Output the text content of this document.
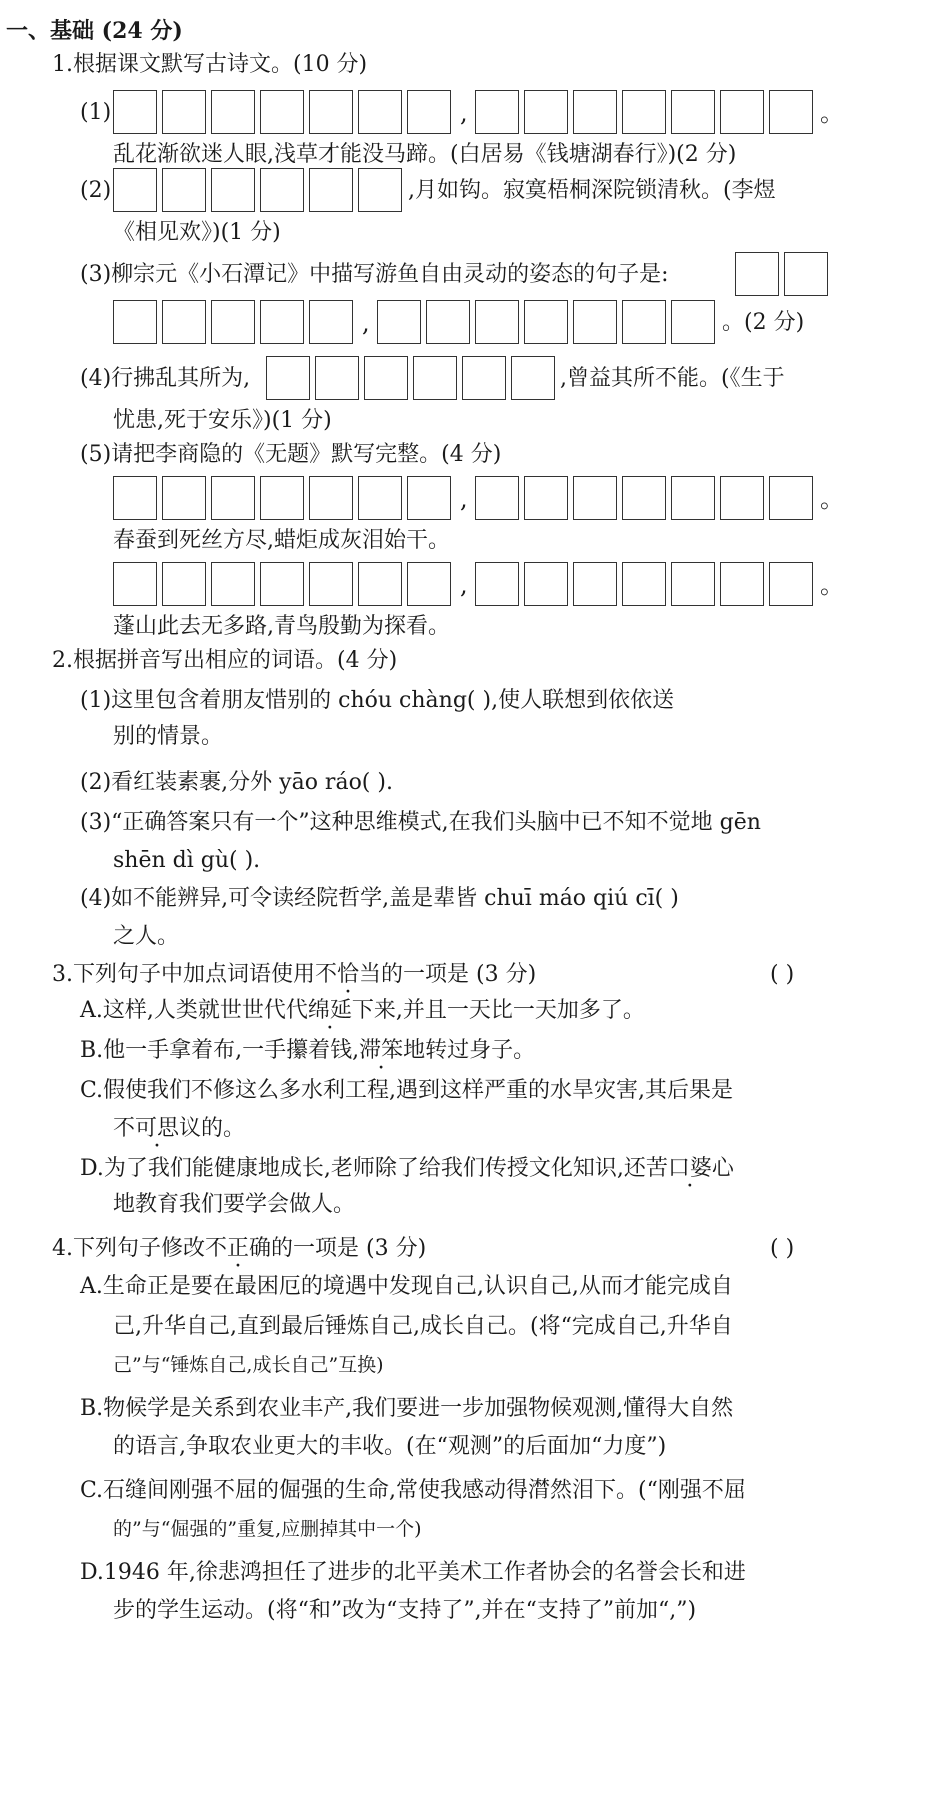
一、基础 (24 分)
1.根据课文默写古诗文。(10 分)
(1)	,	。
乱花渐欲迷人眼,浅草才能没马蹄。(白居易《钱塘湖春行》)(2 分)
(2)	,月如钩。寂寞梧桐深院锁清秋。(李煜
《相见欢》)(1 分)
(3)柳宗元《小石潭记》中描写游鱼自由灵动的姿态的句子是:
,	。(2 分)
(4)行拂乱其所为,	,曾益其所不能。(《生于
忧患,死于安乐》)(1 分)
(5)请把李商隐的《无题》默写完整。(4 分)
,	。
春蚕到死丝方尽,蜡炬成灰泪始干。
,	。
蓬山此去无多路,青鸟殷勤为探看。
2.根据拼音写出相应的词语。(4 分)
(1)这里包含着朋友惜别的 chóu chàng( ),使人联想到依依送
别的情景。
(2)看红装素裹,分外 yāo ráo( ).
(3)“正确答案只有一个”这种思维模式,在我们头脑中已不知不觉地 gēn
shēn dì gù( ).
(4)如不能辨异,可令读经院哲学,盖是辈皆 chuī máo qiú cī( )
之人。
3.下列句子中加点词语使用不恰当的一项是 (3 分)	( )
A.这样,人类就世世代代绵延下来,并且一天比一天加多了。
B.他一手拿着布,一手攥着钱,滞笨地转过身子。
C.假使我们不修这么多水利工程,遇到这样严重的水旱灾害,其后果是
不可思议的。
D.为了我们能健康地成长,老师除了给我们传授文化知识,还苦口婆心
地教育我们要学会做人。
4.下列句子修改不正确的一项是 (3 分)	( )
A.生命正是要在最困厄的境遇中发现自己,认识自己,从而才能完成自
己,升华自己,直到最后锤炼自己,成长自己。(将“完成自己,升华自
己”与“锤炼自己,成长自己”互换)
B.物候学是关系到农业丰产,我们要进一步加强物候观测,懂得大自然
的语言,争取农业更大的丰收。(在“观测”的后面加“力度”)
C.石缝间刚强不屈的倔强的生命,常使我感动得潸然泪下。(“刚强不屈
的”与“倔强的”重复,应删掉其中一个)
D.1946 年,徐悲鸿担任了进步的北平美术工作者协会的名誉会长和进
步的学生运动。(将“和”改为“支持了”,并在“支持了”前加“,”)
